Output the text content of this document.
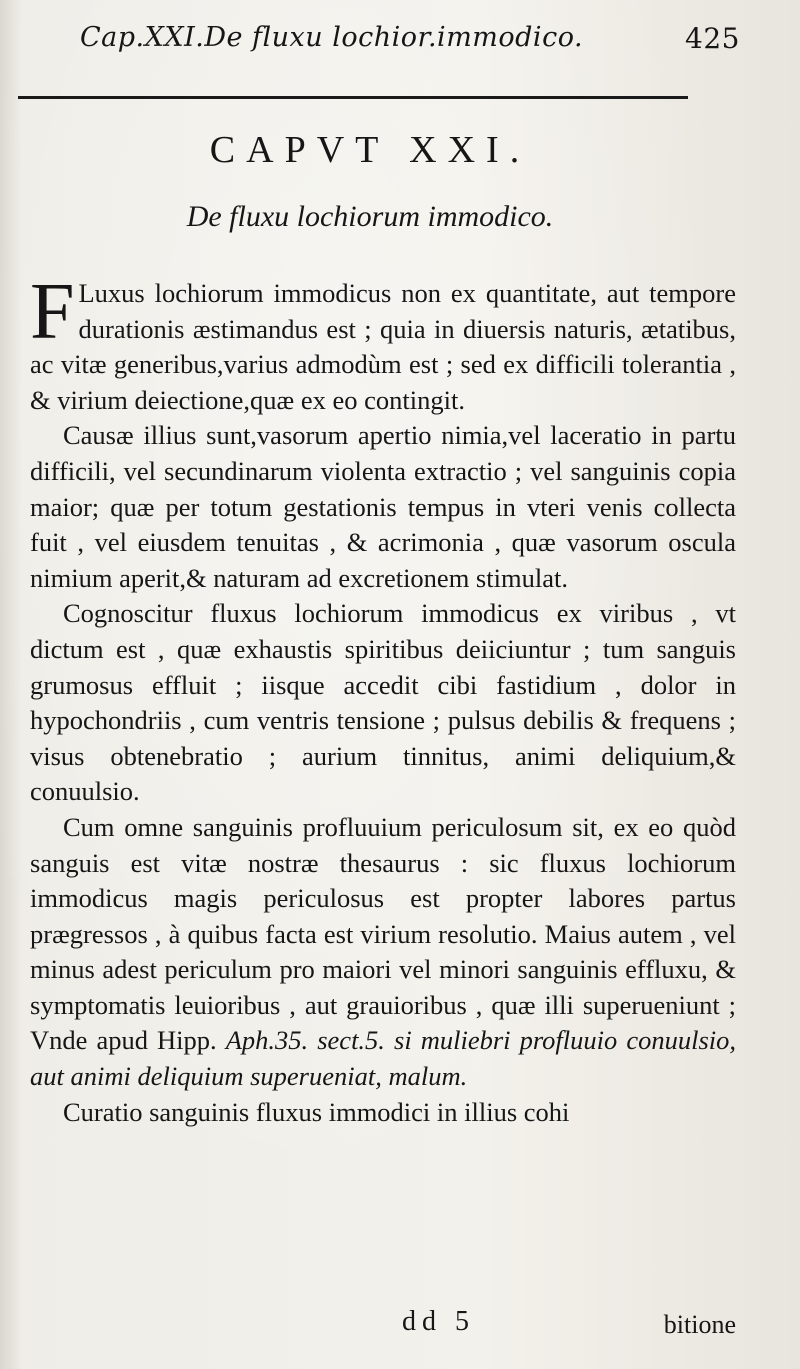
Cap.XXI.De fluxu lochior.immodico.	425
CAPVT XXI.
De fluxu lochiorum immodico.

F Luxus lochiorum immodicus non ex quantitate, aut tempore durationis æstimandus est ; quia in diuersis naturis, ætatibus, ac vitæ generibus,varius admodùm est ; sed ex difficili tolerantia , & virium deiectione,quæ ex eo contingit.

Causæ illius sunt,vasorum apertio nimia,vel laceratio in partu difficili, vel secundinarum violenta extractio ; vel sanguinis copia maior; quæ per totum gestationis tempus in vteri venis collecta fuit , vel eiusdem tenuitas , & acrimonia , quæ vasorum oscula nimium aperit,& naturam ad excretionem stimulat.

Cognoscitur fluxus lochiorum immodicus ex viribus , vt dictum est , quæ exhaustis spiritibus deiiciuntur ; tum sanguis grumosus effluit ; iisque accedit cibi fastidium , dolor in hypochondriis , cum ventris tensione ; pulsus debilis & frequens ; visus obtenebratio ; aurium tinnitus, animi deliquium,& conuulsio.

Cum omne sanguinis profluuium periculosum sit, ex eo quòd sanguis est vitæ nostræ thesaurus : sic fluxus lochiorum immodicus magis periculosus est propter labores partus prægressos , à quibus facta est virium resolutio. Maius autem , vel minus adest periculum pro maiori vel minori sanguinis effluxu, & symptomatis leuioribus , aut grauioribus , quæ illi superueniunt ; Vnde apud Hipp. Aph.35. sect.5. si muliebri profluuio conuulsio, aut animi deliquium superueniat, malum.

Curatio sanguinis fluxus immodici in illius cohi

dd 5	bitione
